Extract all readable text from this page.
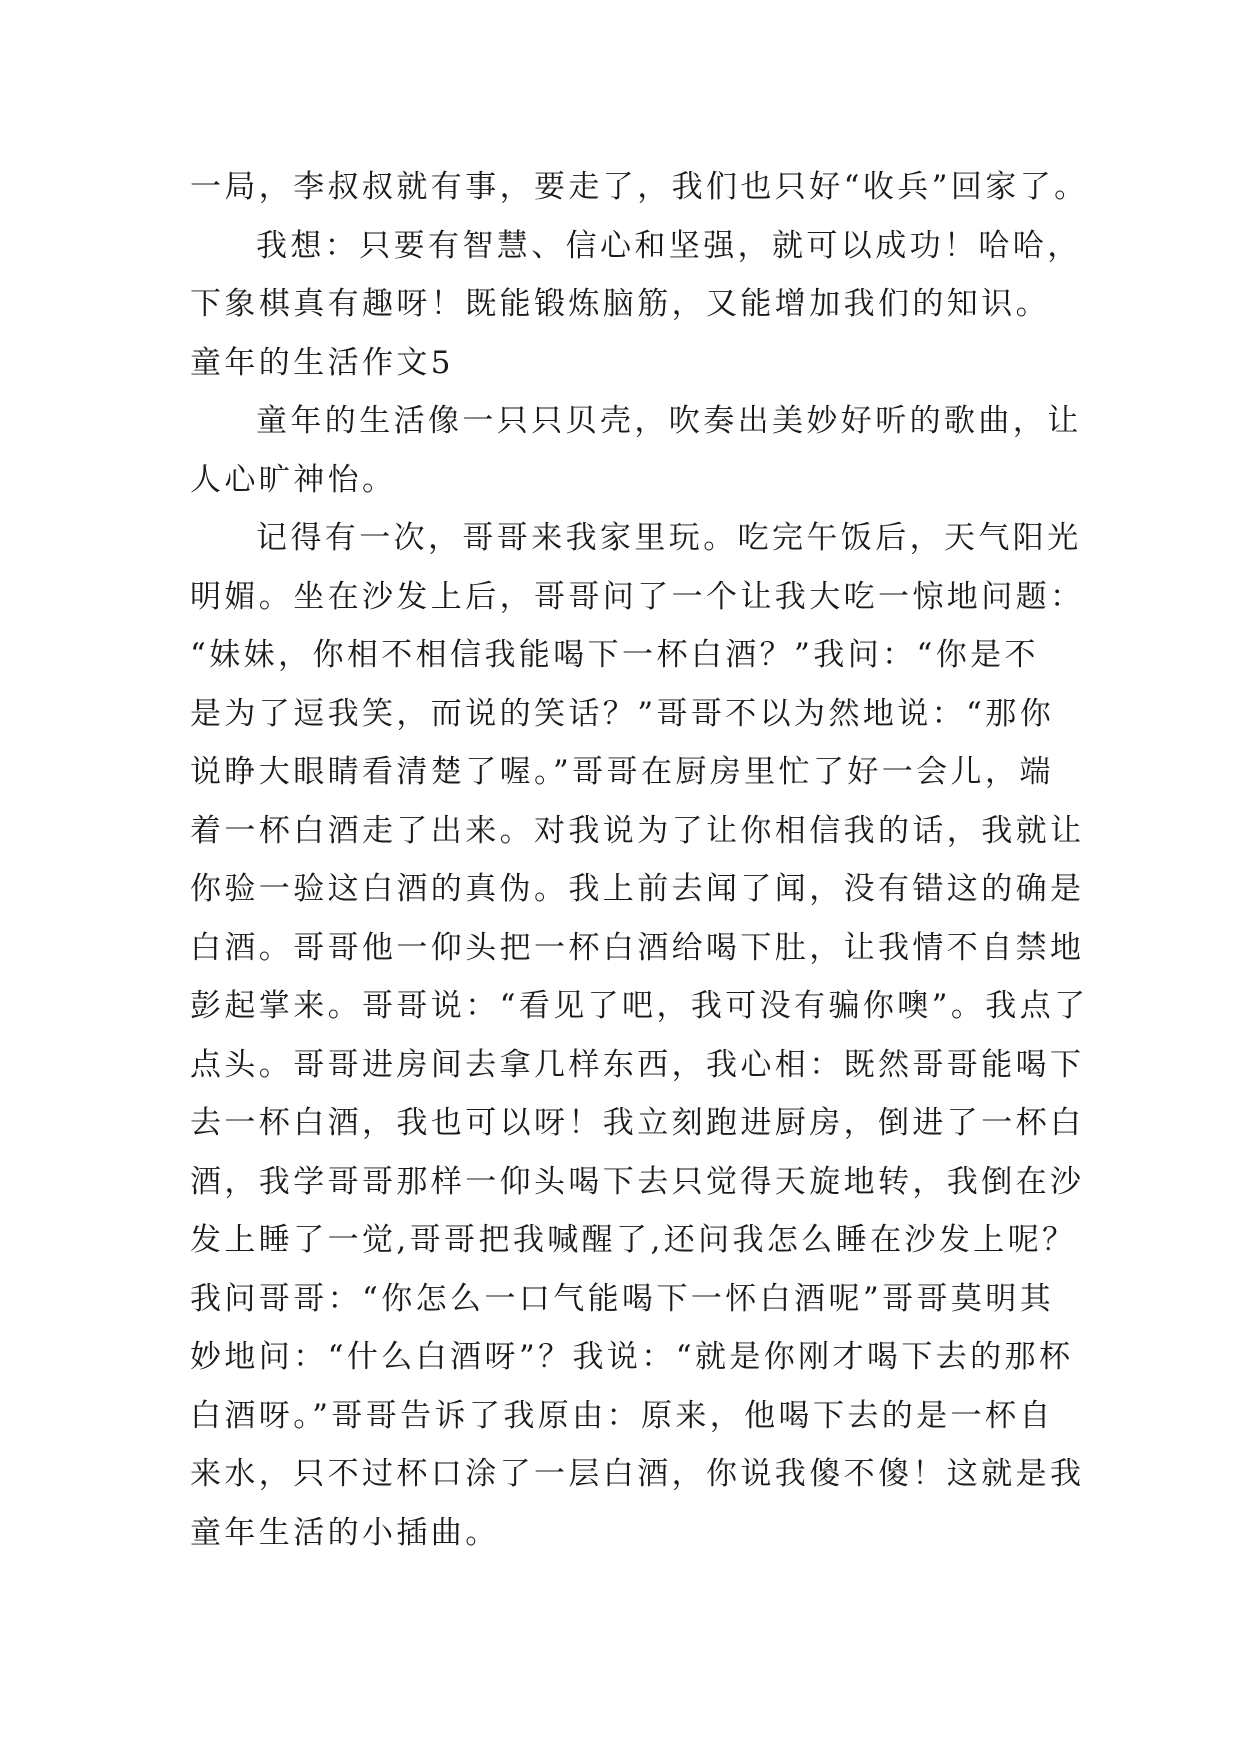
一局，李叔叔就有事，要走了，我们也只好“收兵”回家了。
我想：只要有智慧、信心和坚强，就可以成功！哈哈，
下象棋真有趣呀！既能锻炼脑筋，又能增加我们的知识。
童年的生活作文5
童年的生活像一只只贝壳，吹奏出美妙好听的歌曲，让
人心旷神怡。
记得有一次，哥哥来我家里玩。吃完午饭后，天气阳光
明媚。坐在沙发上后，哥哥问了一个让我大吃一惊地问题：
“妹妹，你相不相信我能喝下一杯白酒？”我问：“你是不
是为了逗我笑，而说的笑话？”哥哥不以为然地说：“那你
说睁大眼睛看清楚了喔。”哥哥在厨房里忙了好一会儿，端
着一杯白酒走了出来。对我说为了让你相信我的话，我就让
你验一验这白酒的真伪。我上前去闻了闻，没有错这的确是
白酒。哥哥他一仰头把一杯白酒给喝下肚，让我情不自禁地
彭起掌来。哥哥说：“看见了吧，我可没有骗你噢”。我点了
点头。哥哥进房间去拿几样东西，我心相：既然哥哥能喝下
去一杯白酒，我也可以呀！我立刻跑进厨房，倒进了一杯白
酒，我学哥哥那样一仰头喝下去只觉得天旋地转，我倒在沙
发上睡了一觉,哥哥把我喊醒了,还问我怎么睡在沙发上呢？
我问哥哥：“你怎么一口气能喝下一怀白酒呢”哥哥莫明其
妙地问：“什么白酒呀”？我说：“就是你刚才喝下去的那杯
白酒呀。”哥哥告诉了我原由：原来，他喝下去的是一杯自
来水，只不过杯口涂了一层白酒，你说我傻不傻！这就是我
童年生活的小插曲。
